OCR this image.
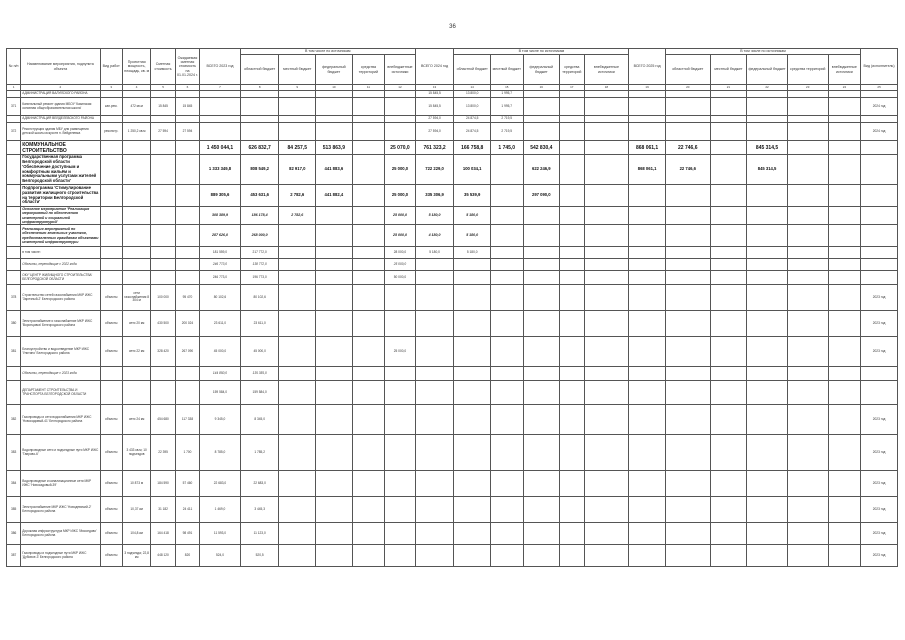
36
№ п/п	Наименование мероприятия, подпункта объекта	Вид работ	Проектная мощность, площадь, кв. м	Сметная стоимость	Ожидаемая сметная стоимость на 01.01.2024 г.	ВСЕГО 2023 год	В том числе по источникам					ВСЕГО 2024 год	В том числе по источникам					ВСЕГО 2025 год	В том числе по источникам					Вид (исполнитель)
							областной бюджет	местный бюджет	федеральный бюджет	средства территорий	внебюджетные источники		областной бюджет	местный бюджет	федеральный бюджет	средства территорий	внебюджетные источники		областной бюджет	местный бюджет	федеральный бюджет	средства территорий	внебюджетные источники	
1	2	3	4	5	6	7	8	9	10	11	12	13	14	15	16	17	18	19	20	21	22	23	24	25
	АДМИНИСТРАЦИЯ ВАЛУЙСКОГО РАЙОНА											15 845,5	13 800,0	1 995,7										
371	Капитальный ремонт здания МБОУ 'Казинская основная общеобразовательная школа'	кап.рем.	472 кв.м	15 845	15 845							15 845,5	13 800,0	1 995,7										2024 год
	АДМИНИСТРАЦИЯ ВЕЙДЕЛЕВСКОГО РАЙОНА											27 594,0	24 874,5	2 719,5										
372	Реконструкция здания МБУ для размещения детской школы искусств п. Вейделевка	реконстр.	1 250,2 кв.м	27 594	27 594							27 594,0	24 874,5	2 719,5										2024 год
	КОММУНАЛЬНОЕ СТРОИТЕЛЬСТВО					1 450 044,1	626 832,7	84 257,5	513 863,9		25 070,0	761 323,2	166 758,8	1 745,0	542 830,4			868 061,1	22 746,6		845 314,5			
	Государственная программа Белгородской области 'Обеспечение доступным и комфортным жильём и коммунальными услугами жителей Белгородской области'					1 333 349,8	808 549,2	82 917,0	441 883,6		25 000,0	722 229,0	100 034,1		622 246,9			868 061,1	22 746,6		845 314,5			
	Подпрограмма 'Стимулирование развития жилищного строительства на территории Белгородской области'					889 305,6	453 631,6	2 782,6	441 882,4		25 000,0	335 306,9	35 539,9		297 090,0									
	Основное мероприятие 'Реализация мероприятий по обеспечению инженерной и социальной инфраструктурой'					308 389,9	186 178,4	2 782,6			25 000,0	5 180,0	5 180,0											
	Реализация мероприятий по обеспечению земельных участков, предоставленных гражданам объектами инженерной инфраструктуры					287 626,0	268 000,0				25 000,0	4 180,0	5 180,0											
	в том числе:					181 559,0	217 772,0				28 000,0	5 180,0	5 180,0											
	Объекты, переходящие с 2022 года					246 773,0	138 772,0				25 000,0													
	ОКУ 'ЦЕНТР ЖИЛИЩНОГО СТРОИТЕЛЬСТВА' БЕЛГОРОДСКОЙ ОБЛАСТИ					246 773,0	196 773,0				50 000,0													
378	Строительство сетей газоснабжения МКР ИЖС 'Заречный-2' Белгородского района	объекты	сети газоснабжения 8 304 м	100 000	95 470	80 102,6	80 102,6																	2023 год
380	Электроснабжение и газоснабжение МКР ИЖС 'Воронцовка' Белгородского района	объекты	сети 20 км	430 500	200 024	23 611,0	23 611,0																	2023 год
381	Благоустройство и водоотведение МКР ИЖС 'Улитино' Белгородского района	объекты	сети 22 км	328 420	267 090	45 000,0	45 000,0				25 000,0													2023 год
	Объекты, переходящие с 2023 года					144 850,0	135 355,0																	
	ДЕПАРТАМЕНТ СТРОИТЕЛЬСТВА И ТРАНСПОРТА БЕЛГОРОДСКОЙ ОБЛАСТИ					159 584,0	159 584,0																	
382	Газопроводы и сети водоснабжения МКР ИЖС 'Новосадовый-41' Белгородского района	объекты	сети 24 км	454 680	117 338	9 345,0	8 345,0																	2023 год
383	Водопроводные сети и подъездные пути МКР ИЖС 'Таврово-6'	объекты	3 433 кв.м; 10 подъездов	22 395	1 700	8 785,0	1 785,2																	2023 год
384	Водопроводные и канализационные сети МКР ИЖС 'Новосадовый-39'	объекты	10 873 м	184 590	57 460	22 683,0	22 683,0																	2023 год
385	Электроснабжение МКР ИЖС 'Новодевичий-2' Белгородского района	объекты	10,37 км	31 182	24 411	1 469,0	3 445,3																	2023 год
386	Дорожная инфраструктура МКР ИЖС 'Мясоедово' Белгородского района	объекты	104,8 км	164 418	98 491	11 593,0	11 123,0																	2023 год
387	Газопроводы и подъездные пути МКР ИЖС 'Дубовое-3' Белгородского района	объекты	3 подъезда; 22,8 км	448 120	820	524,0	520,5																	2023 год
